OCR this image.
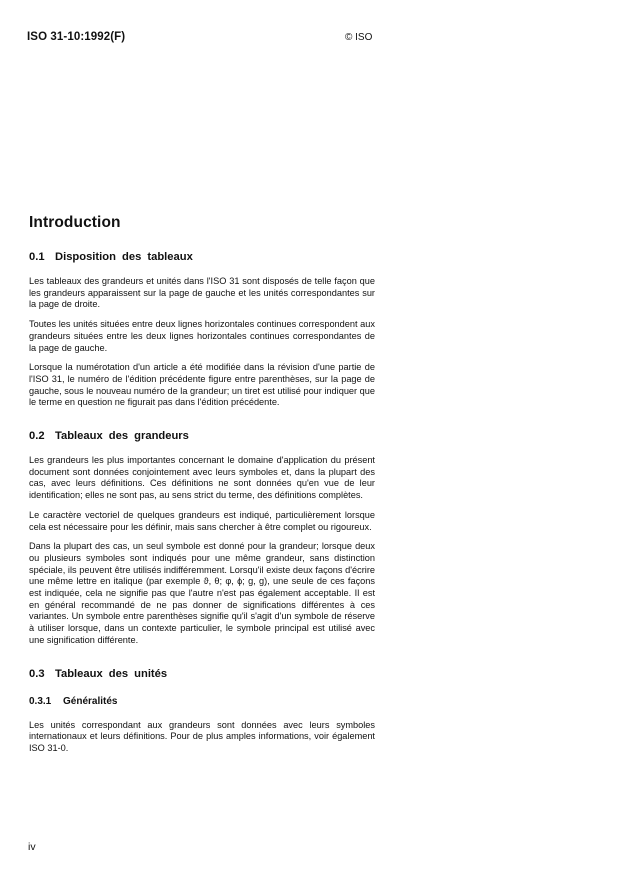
ISO 31-10:1992(F)	© ISO
Introduction
0.1 Disposition des tableaux

Les tableaux des grandeurs et unités dans l'ISO 31 sont disposés de telle façon que les grandeurs apparaissent sur la page de gauche et les unités correspondantes sur la page de droite.

Toutes les unités situées entre deux lignes horizontales continues correspondent aux grandeurs situées entre les deux lignes horizontales continues correspondantes de la page de gauche.

Lorsque la numérotation d'un article a été modifiée dans la révision d'une partie de l'ISO 31, le numéro de l'édition précédente figure entre parenthèses, sur la page de gauche, sous le nouveau numéro de la grandeur; un tiret est utilisé pour indiquer que le terme en question ne figurait pas dans l'édition précédente.

0.2 Tableaux des grandeurs

Les grandeurs les plus importantes concernant le domaine d'application du présent document sont données conjointement avec leurs symboles et, dans la plupart des cas, avec leurs définitions. Ces définitions ne sont données qu'en vue de leur identification; elles ne sont pas, au sens strict du terme, des définitions complètes.

Le caractère vectoriel de quelques grandeurs est indiqué, particulièrement lorsque cela est nécessaire pour les définir, mais sans chercher à être complet ou rigoureux.

Dans la plupart des cas, un seul symbole est donné pour la grandeur; lorsque deux ou plusieurs symboles sont indiqués pour une même grandeur, sans distinction spéciale, ils peuvent être utilisés indifféremment. Lorsqu'il existe deux façons d'écrire une même lettre en italique (par exemple ϑ, θ; φ, ϕ; g, g), une seule de ces façons est indiquée, cela ne signifie pas que l'autre n'est pas également acceptable. Il est en général recommandé de ne pas donner de significations différentes à ces variantes. Un symbole entre parenthèses signifie qu'il s'agit d'un symbole de réserve à utiliser lorsque, dans un contexte particulier, le symbole principal est utilisé avec une signification différente.

0.3 Tableaux des unités
0.3.1 Généralités

Les unités correspondant aux grandeurs sont données avec leurs symboles internationaux et leurs définitions. Pour de plus amples informations, voir également ISO 31-0.

iv
